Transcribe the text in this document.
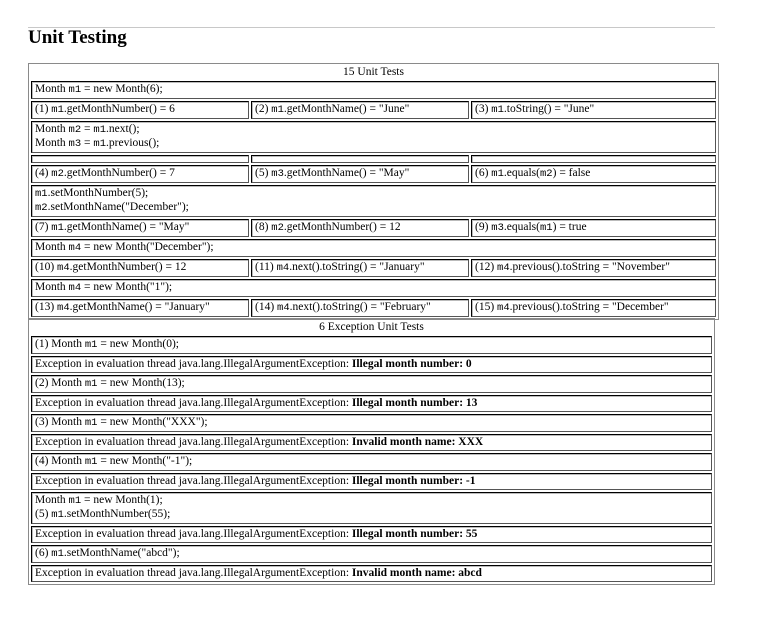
Unit Testing
15 Unit Tests		
Month m1 = new Month(6);		
(1) m1.getMonthNumber() = 6	(2) m1.getMonthName() = "June"	(3) m1.toString() = "June"
Month m2 = m1.next();
Month m3 = m1.previous();		

(4) m2.getMonthNumber() = 7	(5) m3.getMonthName() = "May"	(6) m1.equals(m2) = false
m1.setMonthNumber(5);
m2.setMonthName("December");		
(7) m1.getMonthName() = "May"	(8) m2.getMonthNumber() = 12	(9) m3.equals(m1) = true
Month m4 = new Month("December");		
(10) m4.getMonthNumber() = 12	(11) m4.next().toString() = "January"	(12) m4.previous().toString = "November"
Month m4 = new Month("1");		
(13) m4.getMonthName() = "January"	(14) m4.next().toString() = "February"	(15) m4.previous().toString = "December"
6 Exception Unit Tests
(1) Month m1 = new Month(0);
Exception in evaluation thread java.lang.IllegalArgumentException: Illegal month number: 0
(2) Month m1 = new Month(13);
Exception in evaluation thread java.lang.IllegalArgumentException: Illegal month number: 13
(3) Month m1 = new Month("XXX");
Exception in evaluation thread java.lang.IllegalArgumentException: Invalid month name: XXX
(4) Month m1 = new Month("-1");
Exception in evaluation thread java.lang.IllegalArgumentException: Illegal month number: -1
Month m1 = new Month(1);
(5) m1.setMonthNumber(55);
Exception in evaluation thread java.lang.IllegalArgumentException: Illegal month number: 55
(6) m1.setMonthName("abcd");
Exception in evaluation thread java.lang.IllegalArgumentException: Invalid month name: abcd
